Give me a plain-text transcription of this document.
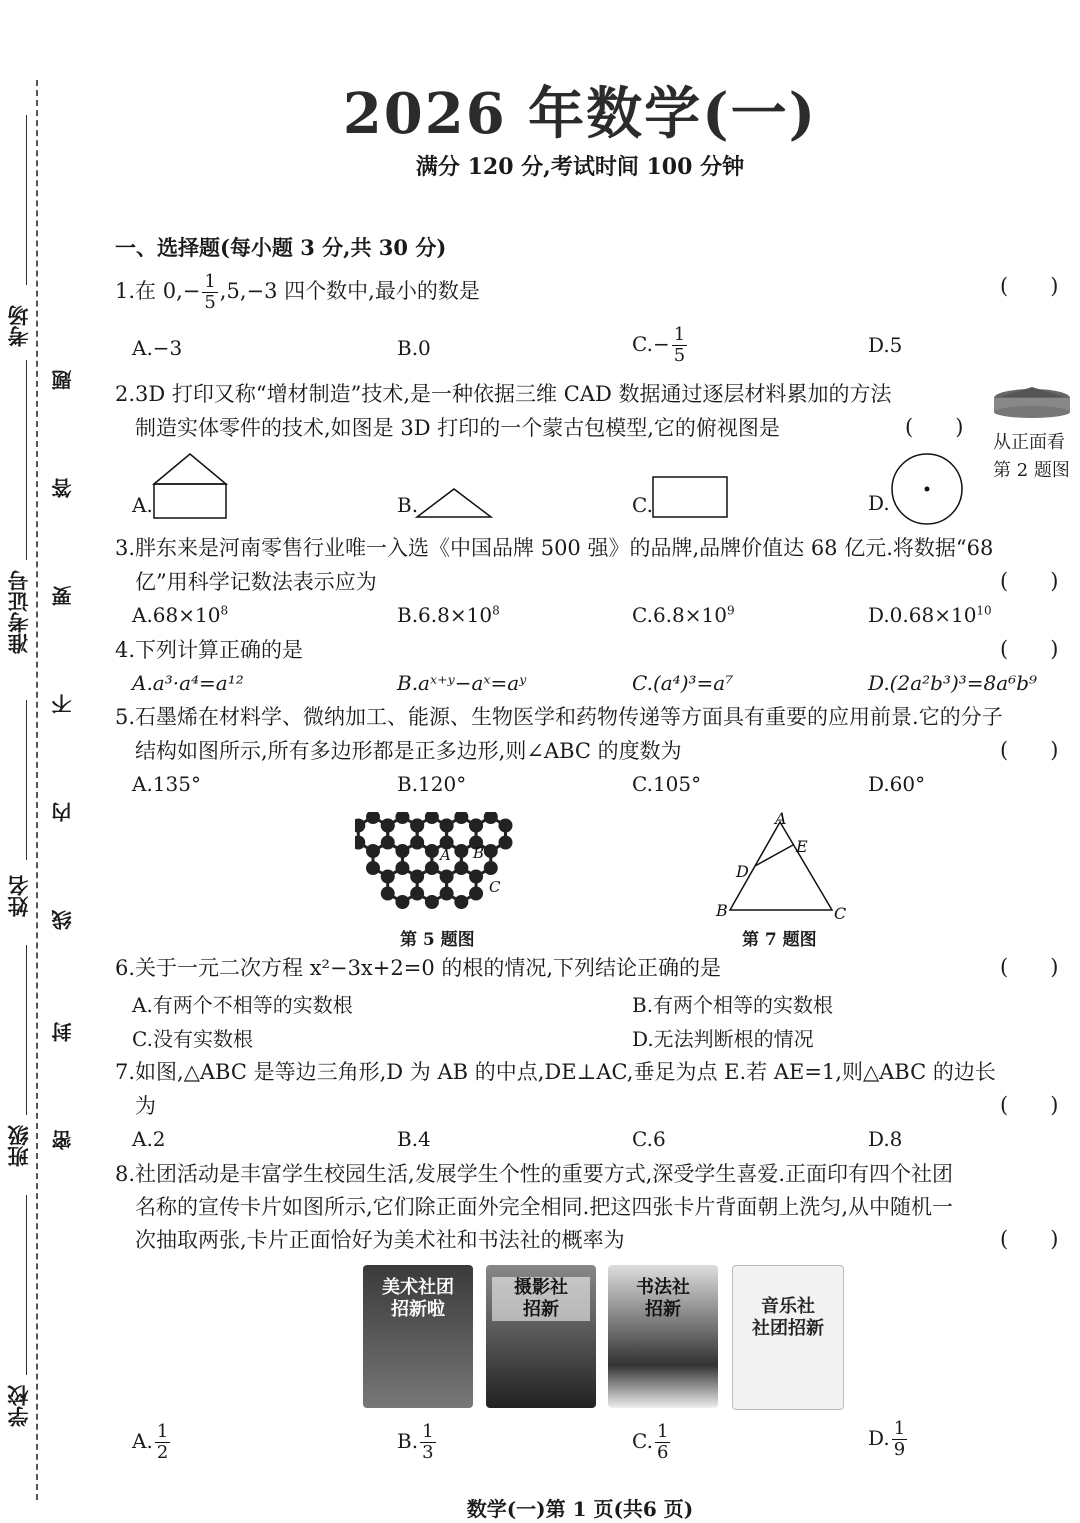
考场
准考证号
姓名
班级
学校
题
答
要
不
内
线
封
密
2026 年数学(一)
满分 120 分,考试时间 100 分钟
一、选择题(每小题 3 分,共 30 分)
1.在 $0,- \frac{1}{5} ,5,-3$ 四个数中,最小的数是	(　　)
A.−3	B.0	$C.- \frac{1}{5}$	D.5
2.3D 打印又称“增材制造”技术,是一种依据三维 CAD 数据通过逐层材料累加的方法
制造实体零件的技术,如图是 3D 打印的一个蒙古包模型,它的俯视图是	(　　)
从正面看
第 2 题图
A.	B.	C.	D.
3.胖东来是河南零售行业唯一入选《中国品牌 500 强》的品牌,品牌价值达 68 亿元.将数据“68
亿”用科学记数法表示应为	(　　)
$A.68\times 10^8$	$B.6.8\times 10^8$	$C.6.8\times 10^9$	$D.0.68\times 10^{10}$
4.下列计算正确的是	(　　)
A.a³·a⁴=a¹²	B.aˣ⁺ʸ−aˣ=aʸ	C.(a⁴)³=a⁷	D.(2a²b³)³=8a⁶b⁹
5.石墨烯在材料学、微纳加工、能源、生物医学和药物传递等方面具有重要的应用前景.它的分子
结构如图所示,所有多边形都是正多边形,则∠ABC 的度数为	(　　)
A.135°	B.120°	C.105°	D.60°
A B
C
第 5 题图
A
B	C
D
E
第 7 题图
6.关于一元二次方程 x²−3x+2=0 的根的情况,下列结论正确的是	(　　)
A.有两个不相等的实数根	B.有两个相等的实数根
C.没有实数根	D.无法判断根的情况
7.如图,△ABC 是等边三角形,D 为 AB 的中点,DE⊥AC,垂足为点 E.若 AE=1,则△ABC 的边长
为	(　　)
A.2	B.4	C.6	D.8
8.社团活动是丰富学生校园生活,发展学生个性的重要方式,深受学生喜爱.正面印有四个社团
名称的宣传卡片如图所示,它们除正面外完全相同.把这四张卡片背面朝上洗匀,从中随机一
次抽取两张,卡片正面恰好为美术社和书法社的概率为	(　　)
美术社团
招新啦
摄影社
招新
书法社
招新	音乐社
社团招新
A. $\frac{1}{2}$	B. $\frac{1}{3}$	C. $\frac{1}{6}$	D. $\frac{1}{9}$
数学(一)第 1 页(共6 页)
